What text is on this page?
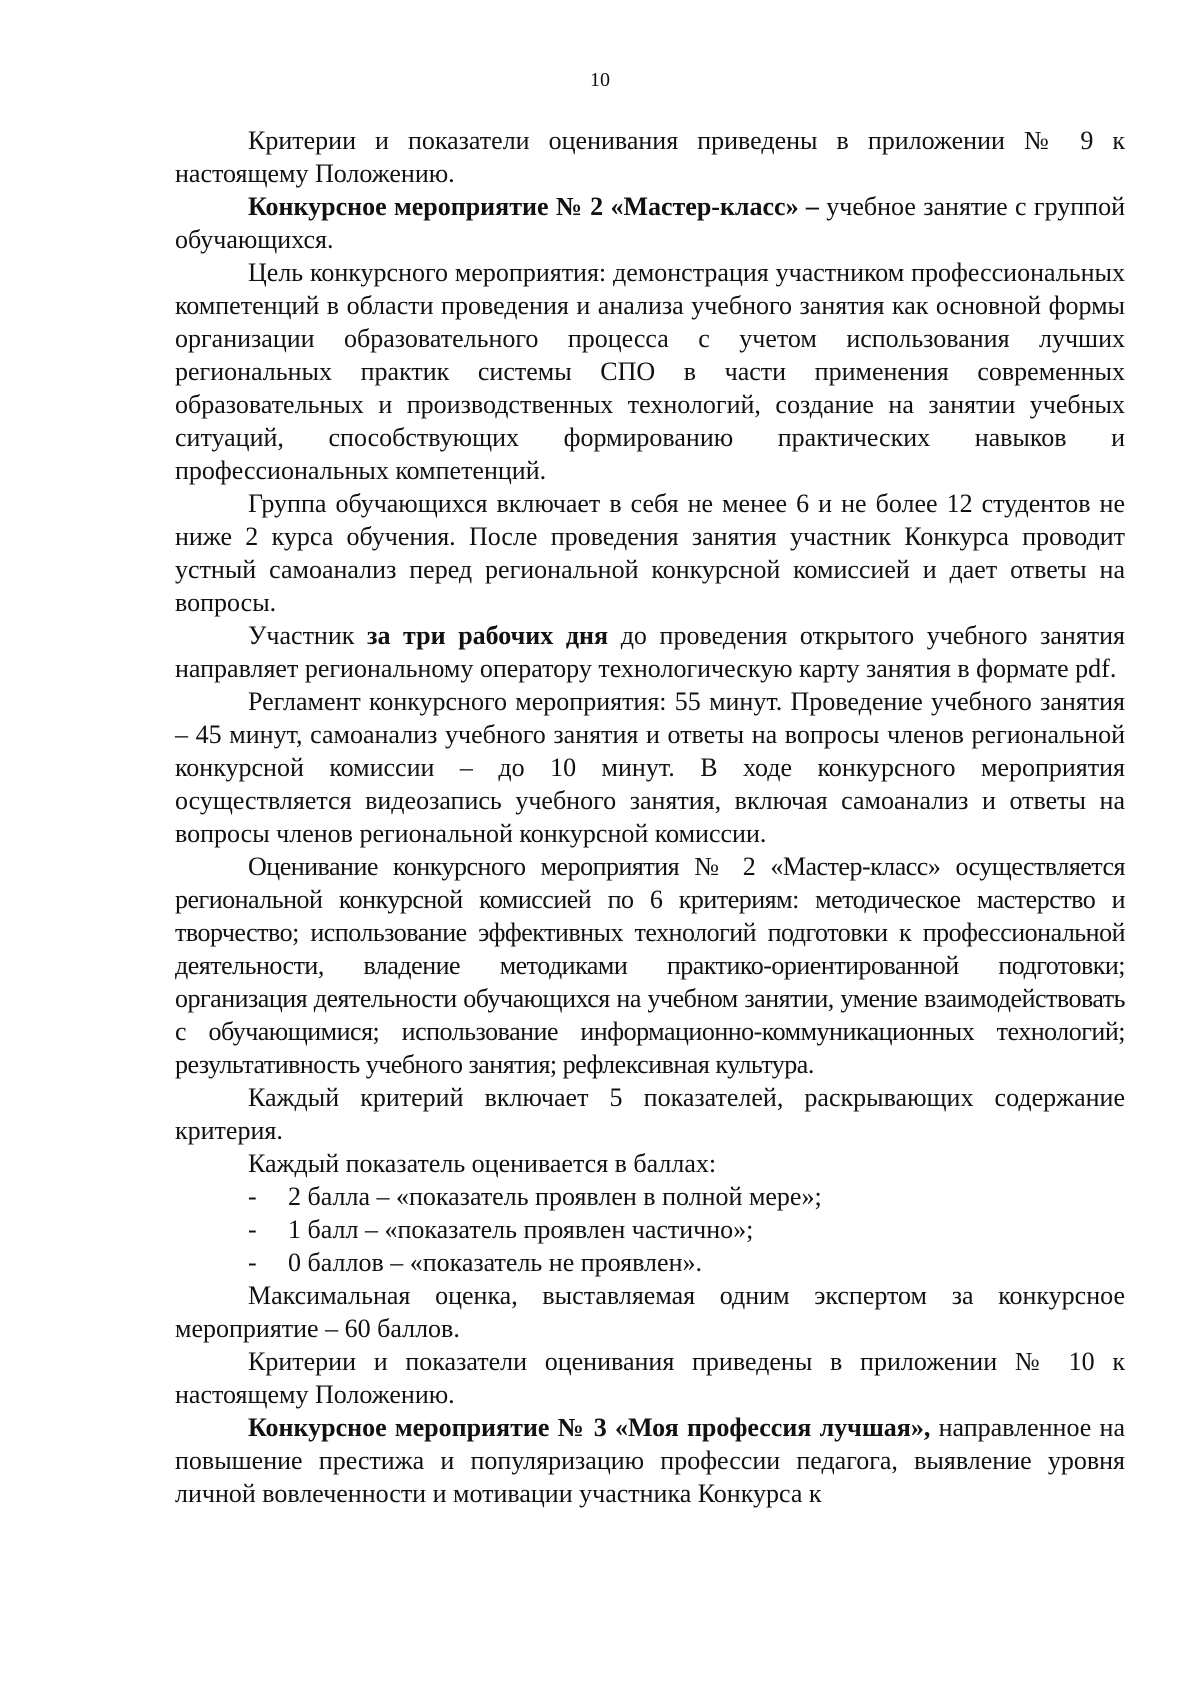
10

Критерии и показатели оценивания приведены в приложении № 9 к настоящему Положению.

Конкурсное мероприятие № 2 «Мастер-класс» – учебное занятие с группой обучающихся.

Цель конкурсного мероприятия: демонстрация участником профессиональных компетенций в области проведения и анализа учебного занятия как основной формы организации образовательного процесса с учетом использования лучших региональных практик системы СПО в части применения современных образовательных и производственных технологий, создание на занятии учебных ситуаций, способствующих формированию практических навыков и профессиональных компетенций.

Группа обучающихся включает в себя не менее 6 и не более 12 студентов не ниже 2 курса обучения. После проведения занятия участник Конкурса проводит устный самоанализ перед региональной конкурсной комиссией и дает ответы на вопросы.

Участник за три рабочих дня до проведения открытого учебного занятия направляет региональному оператору технологическую карту занятия в формате pdf.

Регламент конкурсного мероприятия: 55 минут. Проведение учебного занятия – 45 минут, самоанализ учебного занятия и ответы на вопросы членов региональной конкурсной комиссии – до 10 минут. В ходе конкурсного мероприятия осуществляется видеозапись учебного занятия, включая самоанализ и ответы на вопросы членов региональной конкурсной комиссии.

Оценивание конкурсного мероприятия № 2 «Мастер-класс» осуществляется региональной конкурсной комиссией по 6 критериям: методическое мастерство и творчество; использование эффективных технологий подготовки к профессиональной деятельности, владение методиками практико-ориентированной подготовки; организация деятельности обучающихся на учебном занятии, умение взаимодействовать с обучающимися; использование информационно-коммуникационных технологий; результативность учебного занятия; рефлексивная культура.

Каждый критерий включает 5 показателей, раскрывающих содержание критерия.

Каждый показатель оценивается в баллах:

- 2 балла – «показатель проявлен в полной мере»;

- 1 балл – «показатель проявлен частично»;

- 0 баллов – «показатель не проявлен».

Максимальная оценка, выставляемая одним экспертом за конкурсное мероприятие – 60 баллов.

Критерии и показатели оценивания приведены в приложении № 10 к настоящему Положению.

Конкурсное мероприятие № 3 «Моя профессия лучшая», направленное на повышение престижа и популяризацию профессии педагога, выявление уровня личной вовлеченности и мотивации участника Конкурса к
